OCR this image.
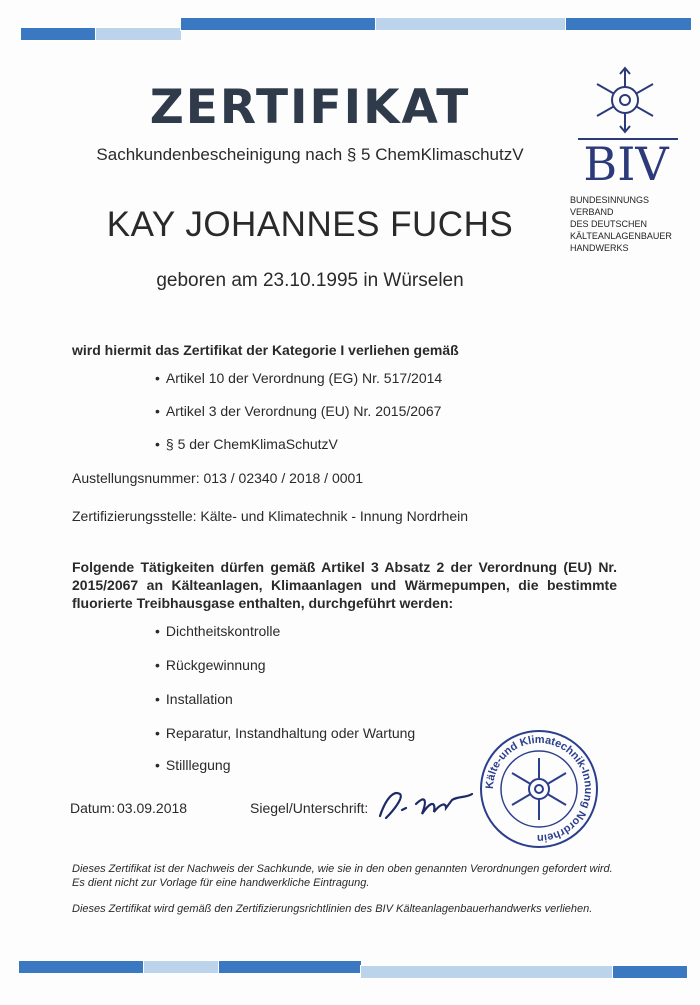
ZERTIFIKAT
Sachkundenbescheinigung nach § 5 ChemKlimaschutzV
KAY JOHANNES FUCHS
geboren am 23.10.1995 in Würselen
BIV
BUNDESINNUNGS
VERBAND
DES DEUTSCHEN
KÄLTEANLAGENBAUER
HANDWERKS
wird hiermit das Zertifikat der Kategorie I verliehen gemäß
• Artikel 10 der Verordnung (EG) Nr. 517/2014
• Artikel 3 der Verordnung (EU) Nr. 2015/2067
• § 5 der ChemKlimaSchutzV
Austellungsnummer: 013 / 02340 / 2018 / 0001
Zertifizierungsstelle: Kälte- und Klimatechnik - Innung Nordrhein
Folgende Tätigkeiten dürfen gemäß Artikel 3 Absatz 2 der Verordnung (EU) Nr. 2015/2067 an Kälteanlagen, Klimaanlagen und Wärmepumpen, die bestimmte fluorierte Treibhausgase enthalten, durchgeführt werden:
• Dichtheitskontrolle
• Rückgewinnung
• Installation
• Reparatur, Instandhaltung oder Wartung
• Stilllegung
Datum: 03.09.2018	Siegel/Unterschrift:
Kälte-und Klimatechnik-Innung Nordrhein
Dieses Zertifikat ist der Nachweis der Sachkunde, wie sie in den oben genannten Verordnungen gefordert wird.
Es dient nicht zur Vorlage für eine handwerkliche Eintragung.
Dieses Zertifikat wird gemäß den Zertifizierungsrichtlinien des BIV Kälteanlagenbauerhandwerks verliehen.
